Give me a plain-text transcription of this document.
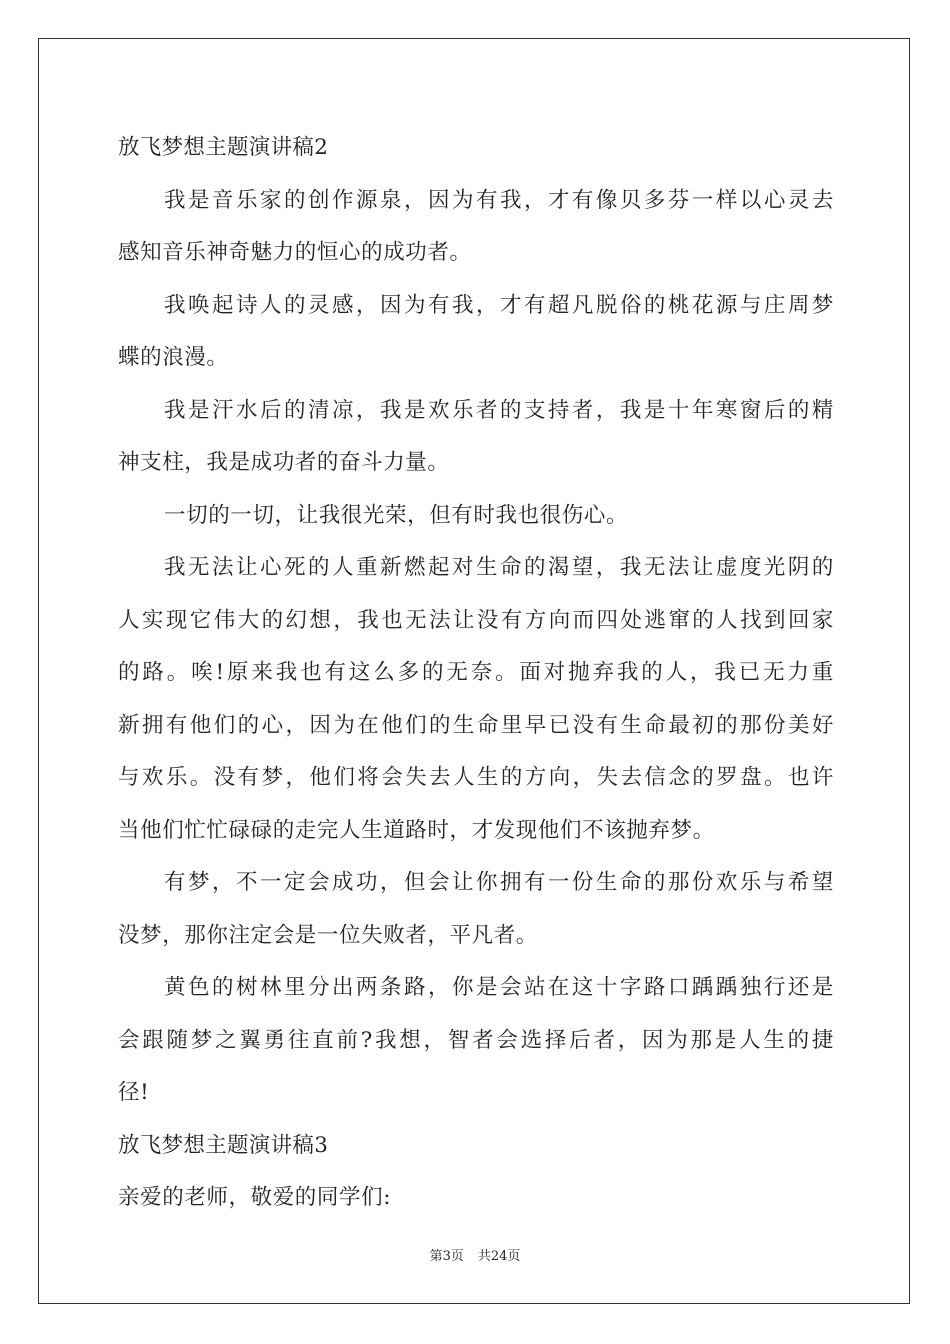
放飞梦想主题演讲稿2
我是音乐家的创作源泉，因为有我，才有像贝多芬一样以心灵去
感知音乐神奇魅力的恒心的成功者。
我唤起诗人的灵感，因为有我，才有超凡脱俗的桃花源与庄周梦
蝶的浪漫。
我是汗水后的清凉，我是欢乐者的支持者，我是十年寒窗后的精
神支柱，我是成功者的奋斗力量。
一切的一切，让我很光荣，但有时我也很伤心。
我无法让心死的人重新燃起对生命的渴望，我无法让虚度光阴的
人实现它伟大的幻想，我也无法让没有方向而四处逃窜的人找到回家
的路。唉!原来我也有这么多的无奈。面对抛弃我的人，我已无力重
新拥有他们的心，因为在他们的生命里早已没有生命最初的那份美好
与欢乐。没有梦，他们将会失去人生的方向，失去信念的罗盘。也许
当他们忙忙碌碌的走完人生道路时，才发现他们不该抛弃梦。
有梦，不一定会成功，但会让你拥有一份生命的那份欢乐与希望
没梦，那你注定会是一位失败者，平凡者。
黄色的树林里分出两条路，你是会站在这十字路口踽踽独行还是
会跟随梦之翼勇往直前?我想，智者会选择后者，因为那是人生的捷
径!
放飞梦想主题演讲稿3
亲爱的老师，敬爱的同学们:
第3页 共24页
